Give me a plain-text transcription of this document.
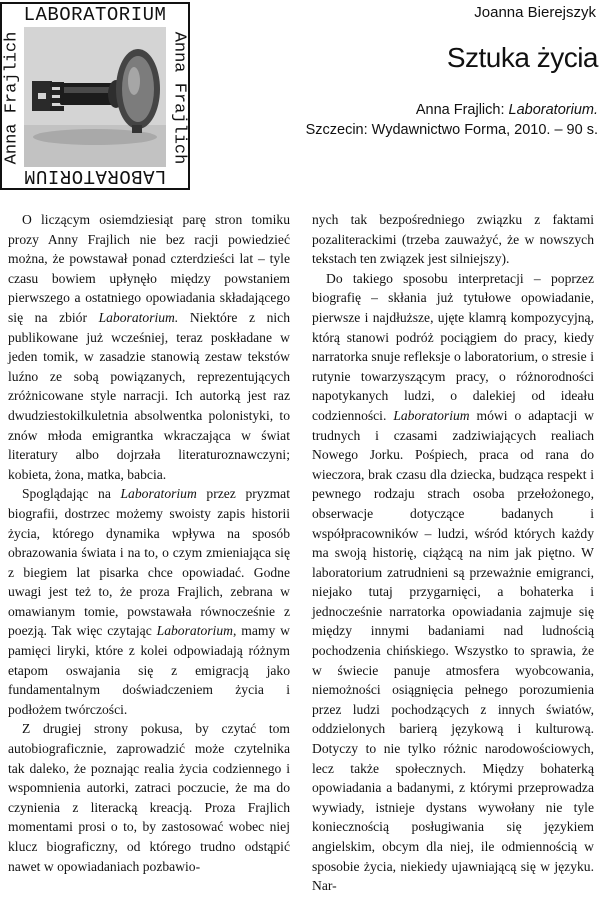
LABORATORIUM
Anna Frajlich	Anna Frajlich
LABORATORIUM
Joanna Bierejszyk
Sztuka życia
Anna Frajlich: Laboratorium.
Szczecin: Wydawnictwo Forma, 2010. – 90 s.

O liczącym osiemdziesiąt parę stron tomiku prozy Anny Frajlich nie bez racji powiedzieć można, że powstawał ponad czterdzieści lat – tyle czasu bowiem upłynęło między powstaniem pierwszego a ostatniego opowiadania składającego się na zbiór Laboratorium. Niektóre z nich publikowane już wcześniej, teraz poskładane w jeden tomik, w zasadzie stanowią zestaw tekstów luźno ze sobą powiązanych, reprezentujących zróżnicowane style narracji. Ich autorką jest raz dwudziestokilkuletnia absolwentka polonistyki, to znów młoda emigrantka wkraczająca w świat literatury albo dojrzała literaturoznawczyni; kobieta, żona, matka, babcia.

Spoglądając na Laboratorium przez pryzmat biografii, dostrzec możemy swoisty zapis historii życia, którego dynamika wpływa na sposób obrazowania świata i na to, o czym zmieniająca się z biegiem lat pisarka chce opowiadać. Godne uwagi jest też to, że proza Frajlich, zebrana w omawianym tomie, powstawała równocześnie z poezją. Tak więc czytając Laboratorium, mamy w pamięci liryki, które z kolei odpowiadają różnym etapom oswajania się z emigracją jako fundamentalnym doświadczeniem życia i podłożem twórczości.

Z drugiej strony pokusa, by czytać tom autobiograficznie, zaprowadzić może czytelnika tak daleko, że poznając realia życia codziennego i wspomnienia autorki, zatraci poczucie, że ma do czynienia z literacką kreacją. Proza Frajlich momentami prosi o to, by zastosować wobec niej klucz biograficzny, od którego trudno odstąpić nawet w opowiadaniach pozbawio-

nych tak bezpośredniego związku z faktami pozaliterackimi (trzeba zauważyć, że w nowszych tekstach ten związek jest silniejszy).

Do takiego sposobu interpretacji – poprzez biografię – skłania już tytułowe opowiadanie, pierwsze i najdłuższe, ujęte klamrą kompozycyjną, którą stanowi podróż pociągiem do pracy, kiedy narratorka snuje refleksje o laboratorium, o stresie i rutynie towarzyszącym pracy, o różnorodności napotykanych ludzi, o dalekiej od ideału codzienności. Laboratorium mówi o adaptacji w trudnych i czasami zadziwiających realiach Nowego Jorku. Pośpiech, praca od rana do wieczora, brak czasu dla dziecka, budząca respekt i pewnego rodzaju strach osoba przełożonego, obserwacje dotyczące badanych i współpracowników – ludzi, wśród których każdy ma swoją historię, ciążącą na nim jak piętno. W laboratorium zatrudnieni są przeważnie emigranci, niejako tutaj przygarnięci, a bohaterka i jednocześnie narratorka opowiadania zajmuje się między innymi badaniami nad ludnością pochodzenia chińskiego. Wszystko to sprawia, że w świecie panuje atmosfera wyobcowania, niemożności osiągnięcia pełnego porozumienia przez ludzi pochodzących z innych światów, oddzielonych barierą językową i kulturową. Dotyczy to nie tylko różnic narodowościowych, lecz także społecznych. Między bohaterką opowiadania a badanymi, z którymi przeprowadza wywiady, istnieje dystans wywołany nie tyle koniecznością posługiwania się językiem angielskim, obcym dla niej, ile odmiennością w sposobie życia, niekiedy ujawniającą się w języku. Nar-
